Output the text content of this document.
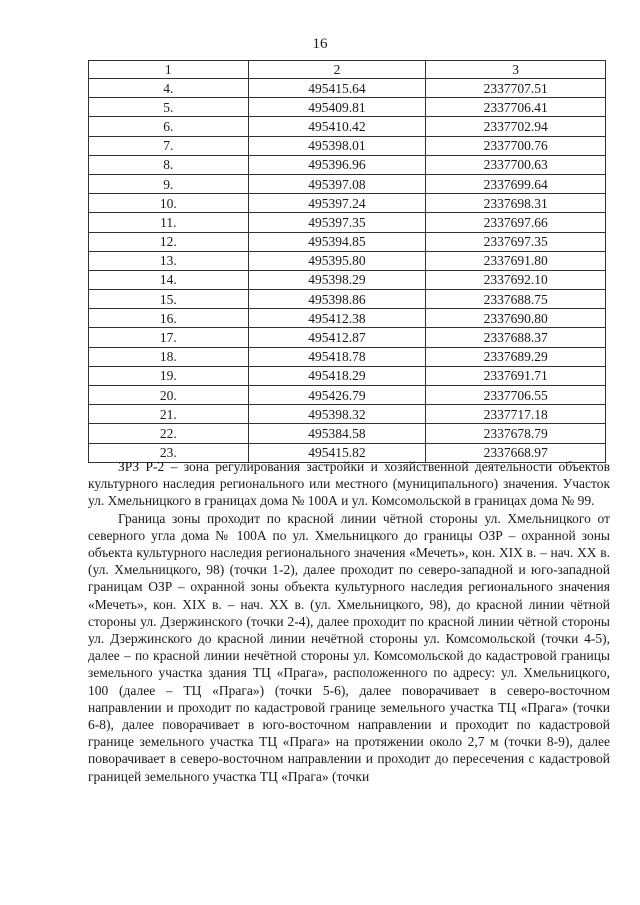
16
1	2	3
4.	495415.64	2337707.51
5.	495409.81	2337706.41
6.	495410.42	2337702.94
7.	495398.01	2337700.76
8.	495396.96	2337700.63
9.	495397.08	2337699.64
10.	495397.24	2337698.31
11.	495397.35	2337697.66
12.	495394.85	2337697.35
13.	495395.80	2337691.80
14.	495398.29	2337692.10
15.	495398.86	2337688.75
16.	495412.38	2337690.80
17.	495412.87	2337688.37
18.	495418.78	2337689.29
19.	495418.29	2337691.71
20.	495426.79	2337706.55
21.	495398.32	2337717.18
22.	495384.58	2337678.79
23.	495415.82	2337668.97

ЗРЗ Р-2 – зона регулирования застройки и хозяйственной деятельности объектов культурного наследия регионального или местного (муниципального) значения. Участок ул. Хмельницкого в границах дома № 100А и ул. Комсомольской в границах дома № 99.

Граница зоны проходит по красной линии чётной стороны ул. Хмельницкого от северного угла дома № 100А по ул. Хмельницкого до границы ОЗР – охранной зоны объекта культурного наследия регионального значения «Мечеть», кон. XIX в. – нач. XX в. (ул. Хмельницкого, 98) (точки 1-2), далее проходит по северо-западной и юго-западной границам ОЗР – охранной зоны объекта культурного наследия регионального значения «Мечеть», кон. XIX в. – нач. XX в. (ул. Хмельницкого, 98), до красной линии чётной стороны ул. Дзержинского (точки 2-4), далее проходит по красной линии чётной стороны ул. Дзержинского до красной линии нечётной стороны ул. Комсомольской (точки 4-5), далее – по красной линии нечётной стороны ул. Комсомольской до кадастровой границы земельного участка здания ТЦ «Прага», расположенного по адресу: ул. Хмельницкого, 100 (далее – ТЦ «Прага») (точки 5-6), далее поворачивает в северо-восточном направлении и проходит по кадастровой границе земельного участка ТЦ «Прага» (точки 6-8), далее поворачивает в юго-восточном направлении и проходит по кадастровой границе земельного участка ТЦ «Прага» на протяжении около 2,7 м (точки 8-9), далее поворачивает в северо-восточном направлении и проходит до пересечения с кадастровой границей земельного участка ТЦ «Прага» (точки
